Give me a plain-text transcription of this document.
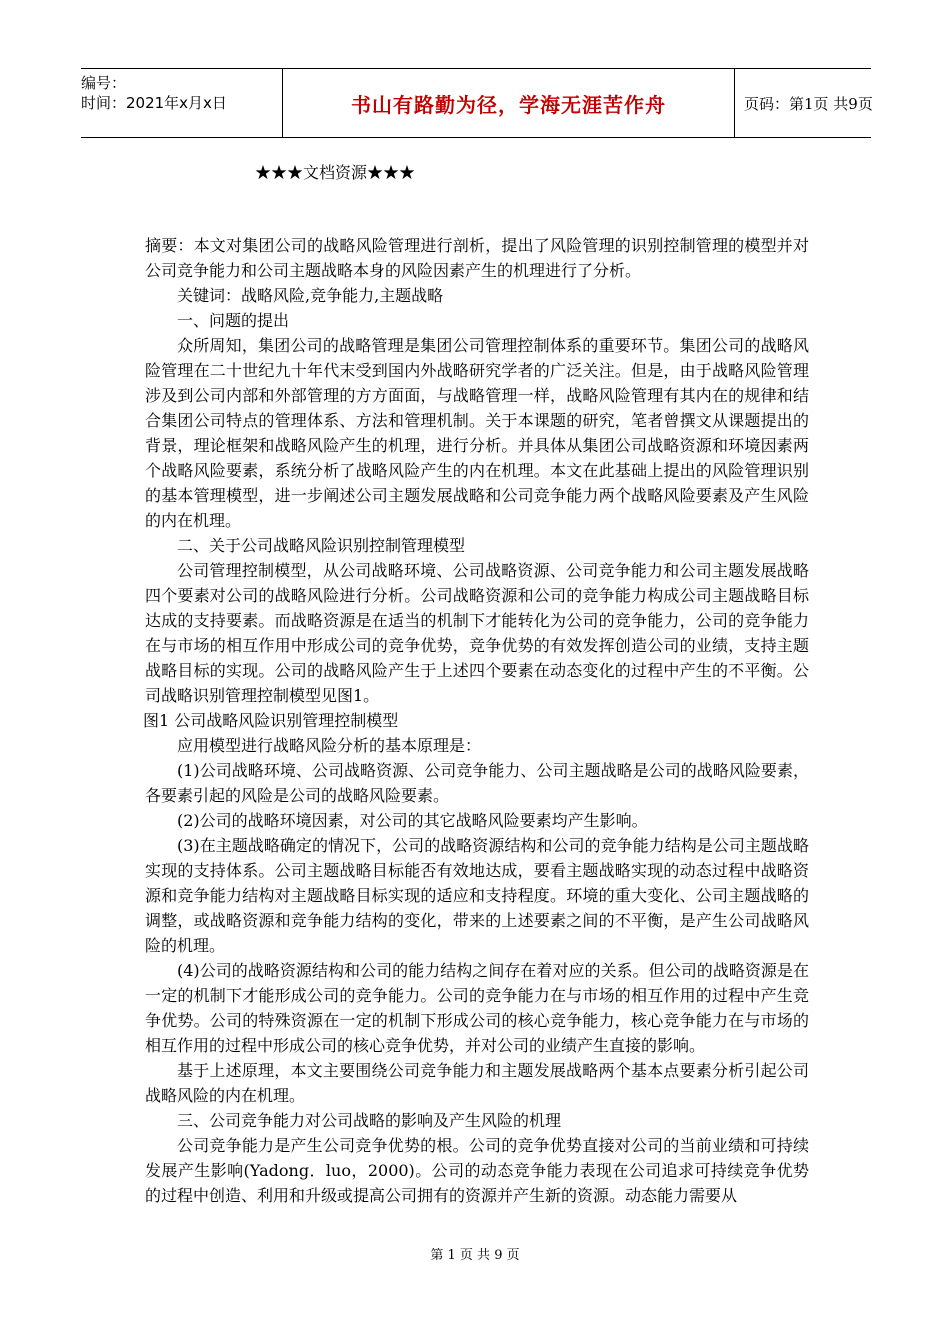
编号：
时间：2021年x月x日	书山有路勤为径，学海无涯苦作舟	页码：第1页 共9页
★★★文档资源★★★

摘要：本文对集团公司的战略风险管理进行剖析，提出了风险管理的识别控制管理的模型并对公司竞争能力和公司主题战略本身的风险因素产生的机理进行了分析。

关键词：战略风险,竞争能力,主题战略

一、问题的提出

众所周知，集团公司的战略管理是集团公司管理控制体系的重要环节。集团公司的战略风险管理在二十世纪九十年代末受到国内外战略研究学者的广泛关注。但是，由于战略风险管理涉及到公司内部和外部管理的方方面面，与战略管理一样，战略风险管理有其内在的规律和结合集团公司特点的管理体系、方法和管理机制。关于本课题的研究，笔者曾撰文从课题提出的背景，理论框架和战略风险产生的机理，进行分析。并具体从集团公司战略资源和环境因素两个战略风险要素，系统分析了战略风险产生的内在机理。本文在此基础上提出的风险管理识别的基本管理模型，进一步阐述公司主题发展战略和公司竞争能力两个战略风险要素及产生风险的内在机理。

二、关于公司战略风险识别控制管理模型

公司管理控制模型，从公司战略环境、公司战略资源、公司竞争能力和公司主题发展战略四个要素对公司的战略风险进行分析。公司战略资源和公司的竞争能力构成公司主题战略目标达成的支持要素。而战略资源是在适当的机制下才能转化为公司的竞争能力，公司的竞争能力在与市场的相互作用中形成公司的竞争优势，竞争优势的有效发挥创造公司的业绩，支持主题战略目标的实现。公司的战略风险产生于上述四个要素在动态变化的过程中产生的不平衡。公司战略识别管理控制模型见图1。

图1 公司战略风险识别管理控制模型

应用模型进行战略风险分析的基本原理是：

(1)公司战略环境、公司战略资源、公司竞争能力、公司主题战略是公司的战略风险要素，各要素引起的风险是公司的战略风险要素。

(2)公司的战略环境因素，对公司的其它战略风险要素均产生影响。

(3)在主题战略确定的情况下，公司的战略资源结构和公司的竞争能力结构是公司主题战略实现的支持体系。公司主题战略目标能否有效地达成，要看主题战略实现的动态过程中战略资源和竞争能力结构对主题战略目标实现的适应和支持程度。环境的重大变化、公司主题战略的调整，或战略资源和竞争能力结构的变化，带来的上述要素之间的不平衡，是产生公司战略风险的机理。

(4)公司的战略资源结构和公司的能力结构之间存在着对应的关系。但公司的战略资源是在一定的机制下才能形成公司的竞争能力。公司的竞争能力在与市场的相互作用的过程中产生竞争优势。公司的特殊资源在一定的机制下形成公司的核心竞争能力，核心竞争能力在与市场的相互作用的过程中形成公司的核心竞争优势，并对公司的业绩产生直接的影响。

基于上述原理，本文主要围绕公司竞争能力和主题发展战略两个基本点要素分析引起公司战略风险的内在机理。

三、公司竞争能力对公司战略的影响及产生风险的机理

公司竞争能力是产生公司竞争优势的根。公司的竞争优势直接对公司的当前业绩和可持续发展产生影响(Yadong．luo，2000)。公司的动态竞争能力表现在公司追求可持续竞争优势的过程中创造、利用和升级或提高公司拥有的资源并产生新的资源。动态能力需要从

第 1 页 共 9 页
